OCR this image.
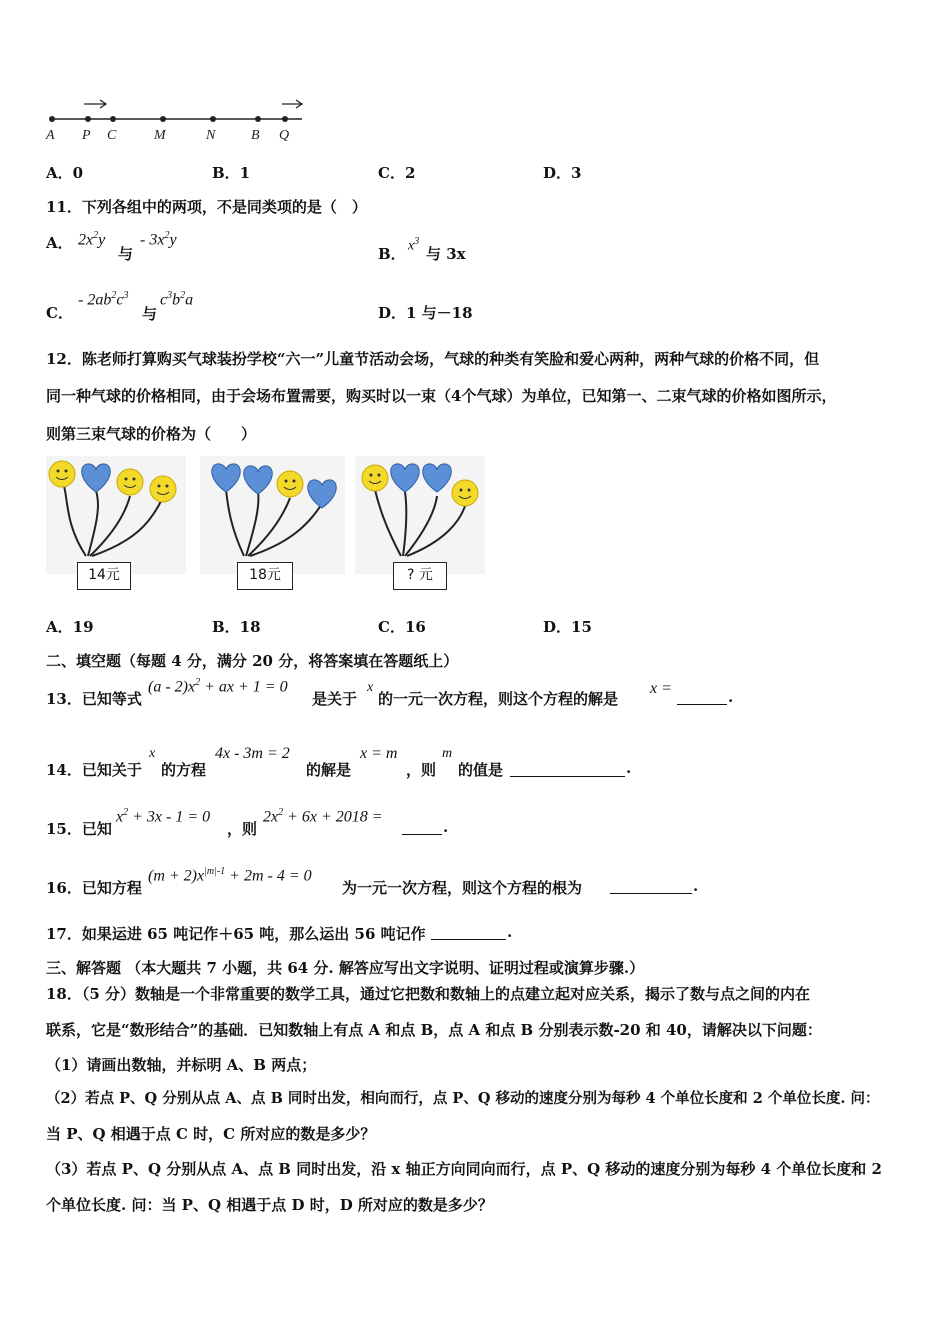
A P C	M	N	B Q
A．0	B．1	C．2	D．3
11．下列各组中的两项，不是同类项的是（　）
A． $2x^2y$
与
- $3x^2y$
B． $x^3$
与 3x
C．
- $2ab^2c^3$
与
$c^3b^2a$
D．1 与－18
12．陈老师打算购买气球装扮学校“六一”儿童节活动会场，气球的种类有笑脸和爱心两种，两种气球的价格不同，但
同一种气球的价格相同，由于会场布置需要，购买时以一束（4个气球）为单位，已知第一、二束气球的价格如图所示，
则第三束气球的价格为（　　）
14元	18元	? 元
A．19	B．18	C．16	D．15
二、填空题（每题 4 分，满分 20 分，将答案填在答题纸上）
13．已知等式
$(a - 2)x^2$ + ax + 1 = 0
是关于
x
的一元一次方程，则这个方程的解是
x =	.
14．已知关于
x
的方程
4x - 3m = 2
的解是
x = m
，则
m
的值是	.
15．已知
$x^2 + 3x - 1 = 0$
，则
$2x^2 + 6x + 2018$ =
.
16．已知方程
$(m + 2)x^{|m|-1} + 2m - 4 = 0$
为一元一次方程，则这个方程的根为	.
17．如果运进 65 吨记作＋65 吨，那么运出 56 吨记作	.
三、解答题 （本大题共 7 小题，共 64 分. 解答应写出文字说明、证明过程或演算步骤.）
18．（5 分）数轴是一个非常重要的数学工具，通过它把数和数轴上的点建立起对应关系，揭示了数与点之间的内在
联系，它是“数形结合”的基础．已知数轴上有点 A 和点 B，点 A 和点 B 分别表示数-20 和 40，请解决以下问题：
（1）请画出数轴，并标明 A、B 两点；
（2）若点 P、Q 分别从点 A、点 B 同时出发，相向而行，点 P、Q 移动的速度分别为每秒 4 个单位长度和 2 个单位长度. 问：
当 P、Q 相遇于点 C 时，C 所对应的数是多少？
（3）若点 P、Q 分别从点 A、点 B 同时出发，沿 x 轴正方向同向而行，点 P、Q 移动的速度分别为每秒 4 个单位长度和 2
个单位长度. 问：当 P、Q 相遇于点 D 时，D 所对应的数是多少？
